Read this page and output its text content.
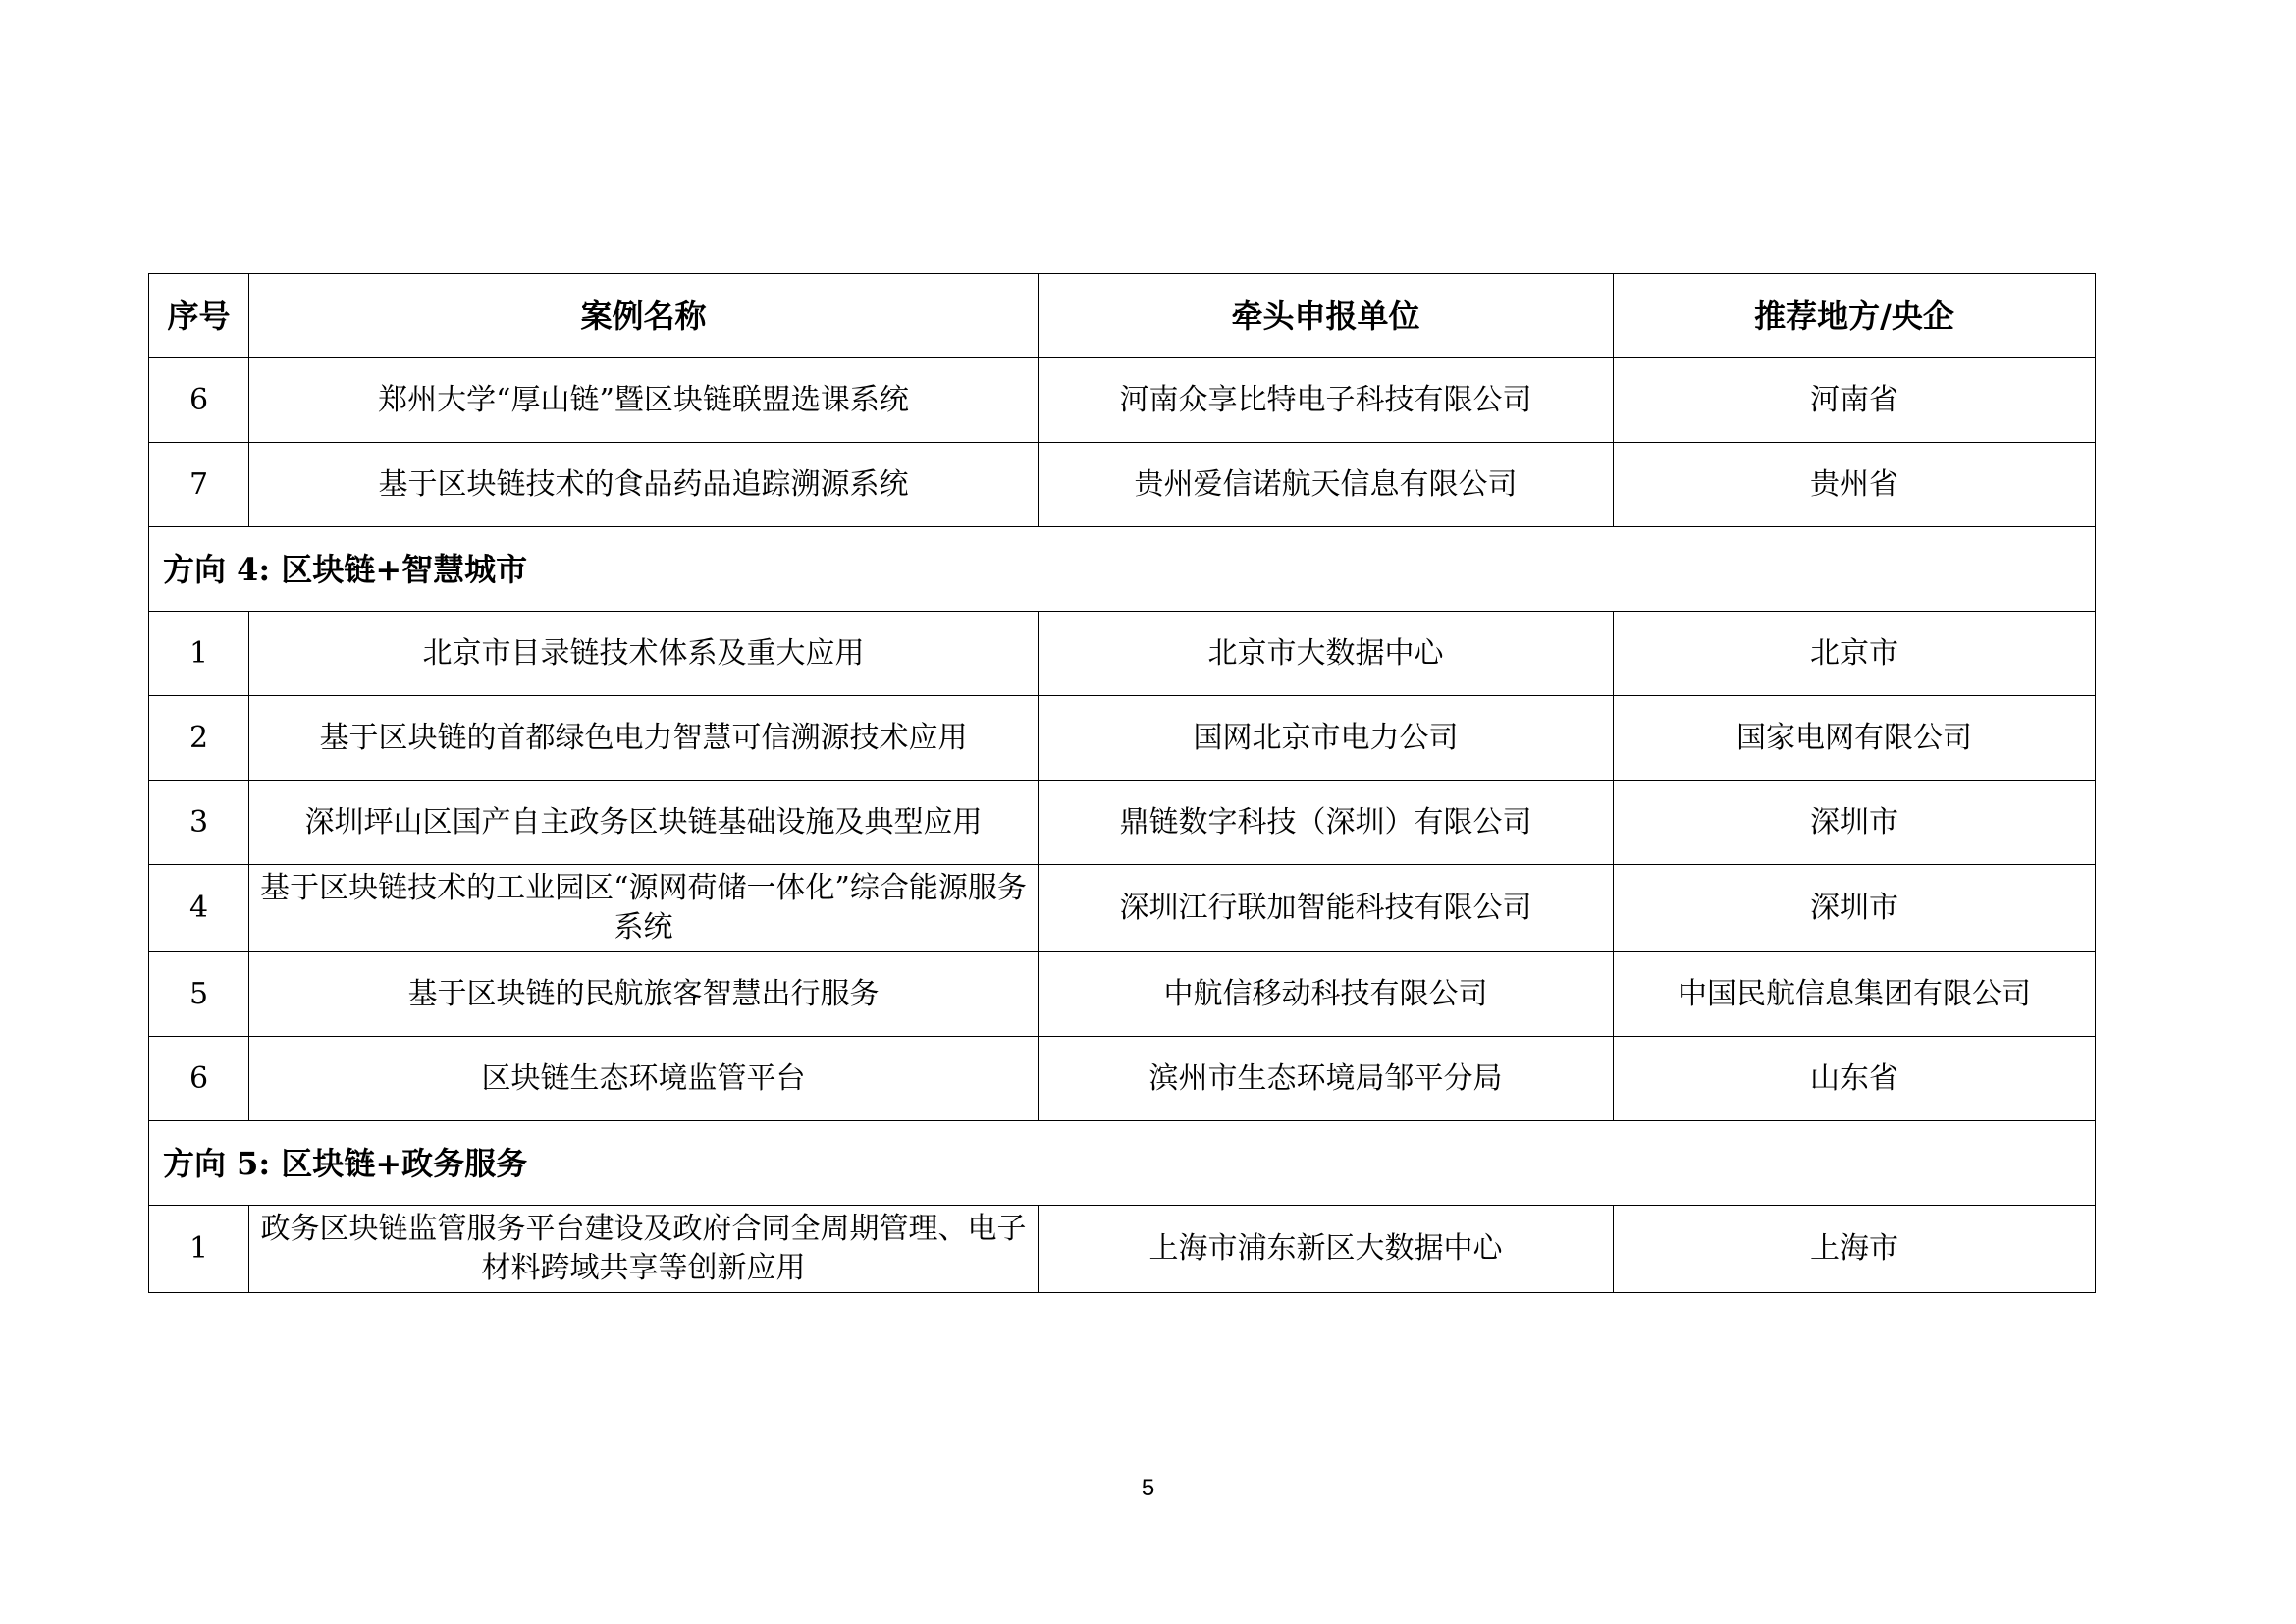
序号	案例名称	牵头申报单位	推荐地方/央企
6	郑州大学“厚山链”暨区块链联盟选课系统	河南众享比特电子科技有限公司	河南省
7	基于区块链技术的食品药品追踪溯源系统	贵州爱信诺航天信息有限公司	贵州省
方向 4: 区块链+智慧城市			
1	北京市目录链技术体系及重大应用	北京市大数据中心	北京市
2	基于区块链的首都绿色电力智慧可信溯源技术应用	国网北京市电力公司	国家电网有限公司
3	深圳坪山区国产自主政务区块链基础设施及典型应用	鼎链数字科技（深圳）有限公司	深圳市
4	基于区块链技术的工业园区“源网荷储一体化”综合能源服务系统	深圳江行联加智能科技有限公司	深圳市
5	基于区块链的民航旅客智慧出行服务	中航信移动科技有限公司	中国民航信息集团有限公司
6	区块链生态环境监管平台	滨州市生态环境局邹平分局	山东省
方向 5: 区块链+政务服务			
1	政务区块链监管服务平台建设及政府合同全周期管理、电子材料跨域共享等创新应用	上海市浦东新区大数据中心	上海市
5
